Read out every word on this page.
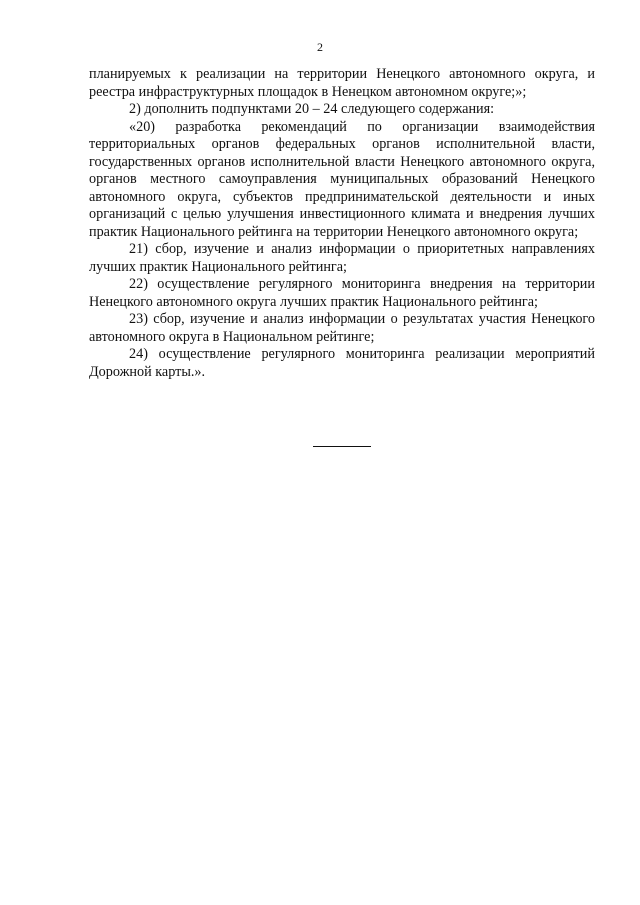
2

планируемых к реализации на территории Ненецкого автономного округа, и реестра инфраструктурных площадок в Ненецком автономном округе;»;

2) дополнить подпунктами 20 – 24 следующего содержания:

«20) разработка рекомендаций по организации взаимодействия территориальных органов федеральных органов исполнительной власти, государственных органов исполнительной власти Ненецкого автономного округа, органов местного самоуправления муниципальных образований Ненецкого автономного округа, субъектов предпринимательской деятельности и иных организаций с целью улучшения инвестиционного климата и внедрения лучших практик Национального рейтинга на территории Ненецкого автономного округа;

21) сбор, изучение и анализ информации о приоритетных направлениях лучших практик Национального рейтинга;

22) осуществление регулярного мониторинга внедрения на территории Ненецкого автономного округа лучших практик Национального рейтинга;

23) сбор, изучение и анализ информации о результатах участия Ненецкого автономного округа в Национальном рейтинге;

24) осуществление регулярного мониторинга реализации мероприятий Дорожной карты.».
